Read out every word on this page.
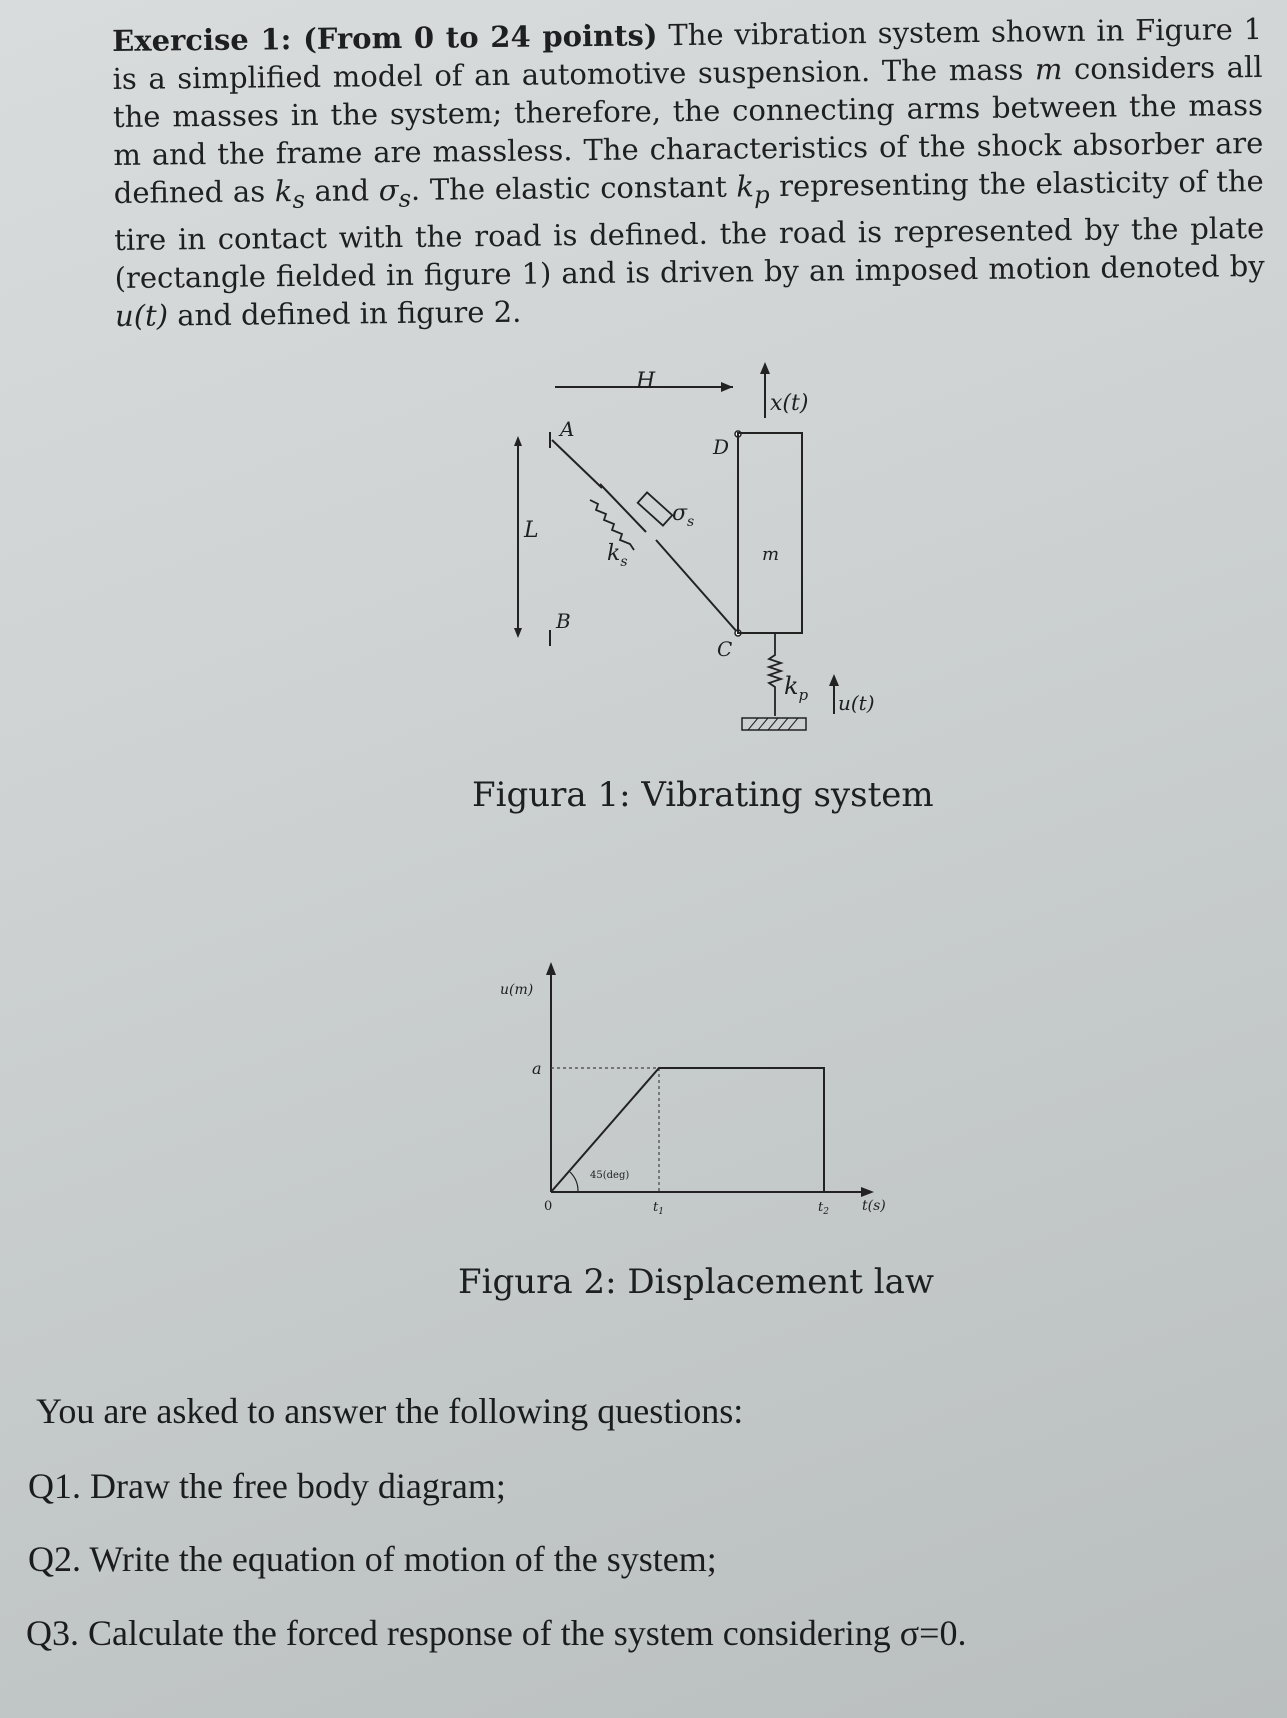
Exercise 1: (From 0 to 24 points) The vibration system shown in Figure 1 is a simplified model of an automotive suspension. The mass m considers all the masses in the system; therefore, the connecting arms between the mass m and the frame are massless. The characteristics of the shock absorber are defined as $k_s$ and $\sigma_s$. The elastic constant $k_p$ representing the elasticity of the tire in contact with the road is defined. the road is represented by the plate (rectangle fielded in figure 1) and is driven by an imposed motion denoted by u(t) and defined in figure 2.
H
x(t)
L
A
B
$\sigma_s$
$k_s$
D
C
m
$k_p$ u(t)
Figura 1: Vibrating system
u(m)
t(s)
45(deg)
a
0	$t_1$	$t_2$
Figura 2: Displacement law
You are asked to answer the following questions:
Q1. Draw the free body diagram;
Q2. Write the equation of motion of the system;
Q3. Calculate the forced response of the system considering σ=0.
